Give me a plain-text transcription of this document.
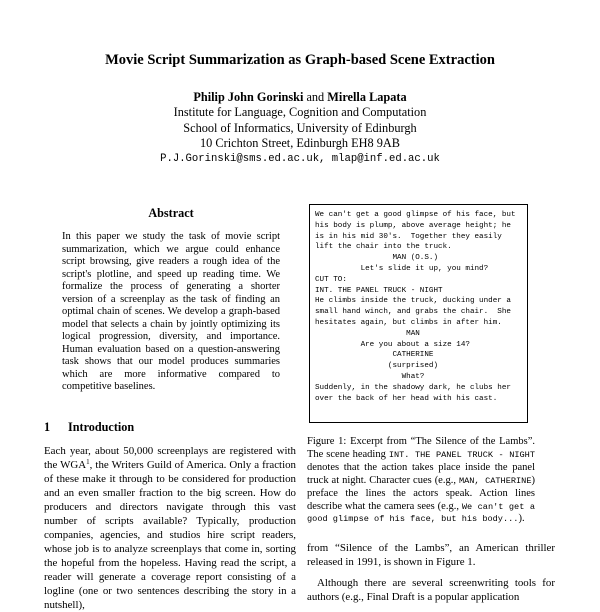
Movie Script Summarization as Graph-based Scene Extraction
Philip John Gorinski and Mirella Lapata
Institute for Language, Cognition and Computation
School of Informatics, University of Edinburgh
10 Crichton Street, Edinburgh EH8 9AB
P.J.Gorinski@sms.ed.ac.uk, mlap@inf.ed.ac.uk
Abstract
In this paper we study the task of movie script summarization, which we argue could enhance script browsing, give readers a rough idea of the script's plotline, and speed up reading time. We formalize the process of generating a shorter version of a screenplay as the task of finding an optimal chain of scenes. We develop a graph-based model that selects a chain by jointly optimizing its logical progression, diversity, and importance. Human evaluation based on a question-answering task shows that our model produces summaries which are more informative compared to competitive baselines.
1 Introduction

Each year, about 50,000 screenplays are registered with the WGA$^1$, the Writers Guild of America. Only a fraction of these make it through to be considered for production and an even smaller fraction to the big screen. How do producers and directors navigate through this vast number of scripts available? Typically, production companies, agencies, and studios hire script readers, whose job is to analyze screenplays that come in, sorting the hopeful from the hopeless. Having read the script, a reader will generate a coverage report consisting of a logline (one or two sentences describing the story in a nutshell),

We can't get a good glimpse of his face, but
his body is plump, above average height; he
is in his mid 30's.  Together they easily
lift the chair into the truck.
MAN (O.S.)
Let's slide it up, you mind?
CUT TO:
INT. THE PANEL TRUCK - NIGHT
He climbs inside the truck, ducking under a
small hand winch, and grabs the chair.  She
hesitates again, but climbs in after him.
MAN
Are you about a size 14?
CATHERINE
(surprised)
What?
Suddenly, in the shadowy dark, he clubs her
over the back of her head with his cast.
Figure 1: Excerpt from “The Silence of the Lambs”. The scene heading INT. THE PANEL TRUCK - NIGHT denotes that the action takes place inside the panel truck at night. Character cues (e.g., MAN, CATHERINE) preface the lines the actors speak. Action lines describe what the camera sees (e.g., We can't get a good glimpse of his face, but his body...).

from “Silence of the Lambs”, an American thriller released in 1991, is shown in Figure 1.

Although there are several screenwriting tools for authors (e.g., Final Draft is a popular application
